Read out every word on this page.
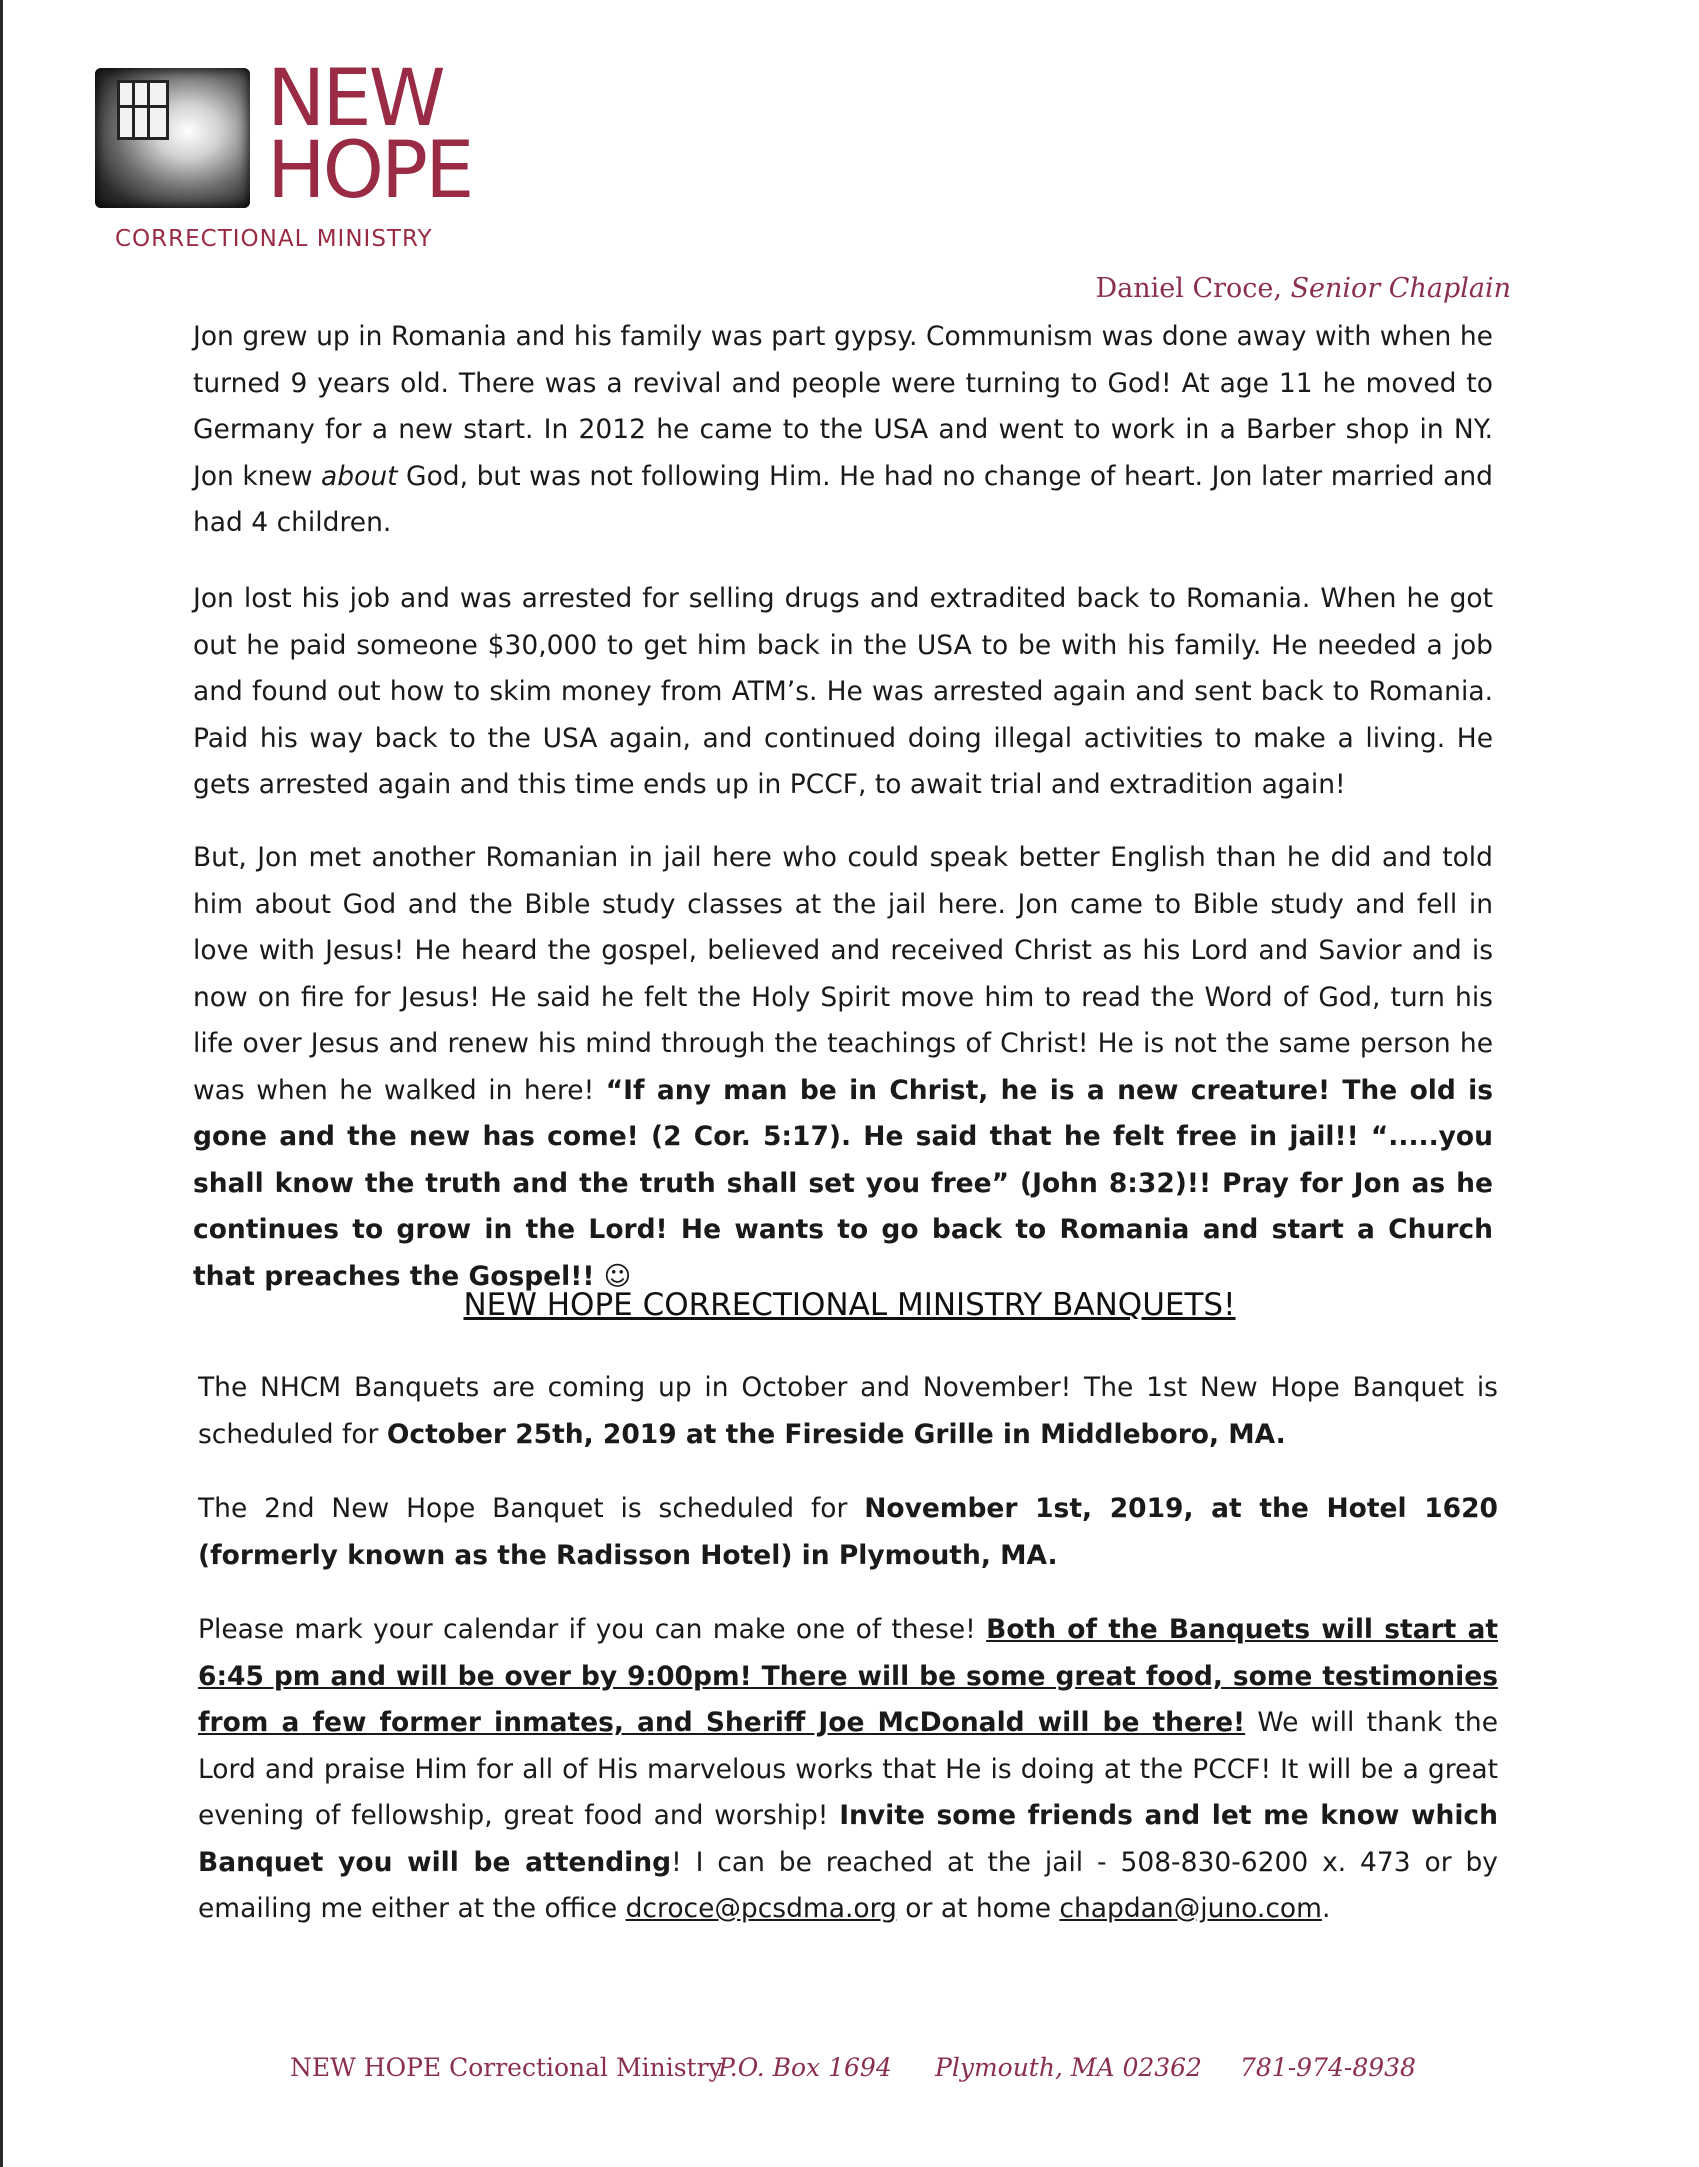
NEW
HOPE
CORRECTIONAL MINISTRY
Daniel Croce, Senior Chaplain

Jon grew up in Romania and his family was part gypsy. Communism was done away with when he turned 9 years old. There was a revival and people were turning to God! At age 11 he moved to Germany for a new start. In 2012 he came to the USA and went to work in a Barber shop in NY. Jon knew about God, but was not following Him. He had no change of heart. Jon later married and had 4 children.

Jon lost his job and was arrested for selling drugs and extradited back to Romania. When he got out he paid someone $30,000 to get him back in the USA to be with his family. He needed a job and found out how to skim money from ATM’s. He was arrested again and sent back to Romania. Paid his way back to the USA again, and continued doing illegal activities to make a living. He gets arrested again and this time ends up in PCCF, to await trial and extradition again!

But, Jon met another Romanian in jail here who could speak better English than he did and told him about God and the Bible study classes at the jail here. Jon came to Bible study and fell in love with Jesus! He heard the gospel, believed and received Christ as his Lord and Savior and is now on fire for Jesus! He said he felt the Holy Spirit move him to read the Word of God, turn his life over Jesus and renew his mind through the teachings of Christ! He is not the same person he was when he walked in here! “If any man be in Christ, he is a new creature! The old is gone and the new has come! (2 Cor. 5:17). He said that he felt free in jail!! “.....you shall know the truth and the truth shall set you free” (John 8:32)!! Pray for Jon as he continues to grow in the Lord! He wants to go back to Romania and start a Church that preaches the Gospel!! ☺

NEW HOPE CORRECTIONAL MINISTRY BANQUETS!

The NHCM Banquets are coming up in October and November! The 1st New Hope Banquet is scheduled for October 25th, 2019 at the Fireside Grille in Middleboro, MA.

The 2nd New Hope Banquet is scheduled for November 1st, 2019, at the Hotel 1620 (formerly known as the Radisson Hotel) in Plymouth, MA.

Please mark your calendar if you can make one of these! Both of the Banquets will start at 6:45 pm and will be over by 9:00pm! There will be some great food, some testimonies from a few former inmates, and Sheriff Joe McDonald will be there! We will thank the Lord and praise Him for all of His marvelous works that He is doing at the PCCF! It will be a great evening of fellowship, great food and worship! Invite some friends and let me know which Banquet you will be attending! I can be reached at the jail - 508-830-6200 x. 473 or by emailing me either at the office dcroce@pcsdma.org or at home chapdan@juno.com.

NEW HOPE Correctional Ministry
P.O. Box 1694 Plymouth, MA 02362 781-974-8938
